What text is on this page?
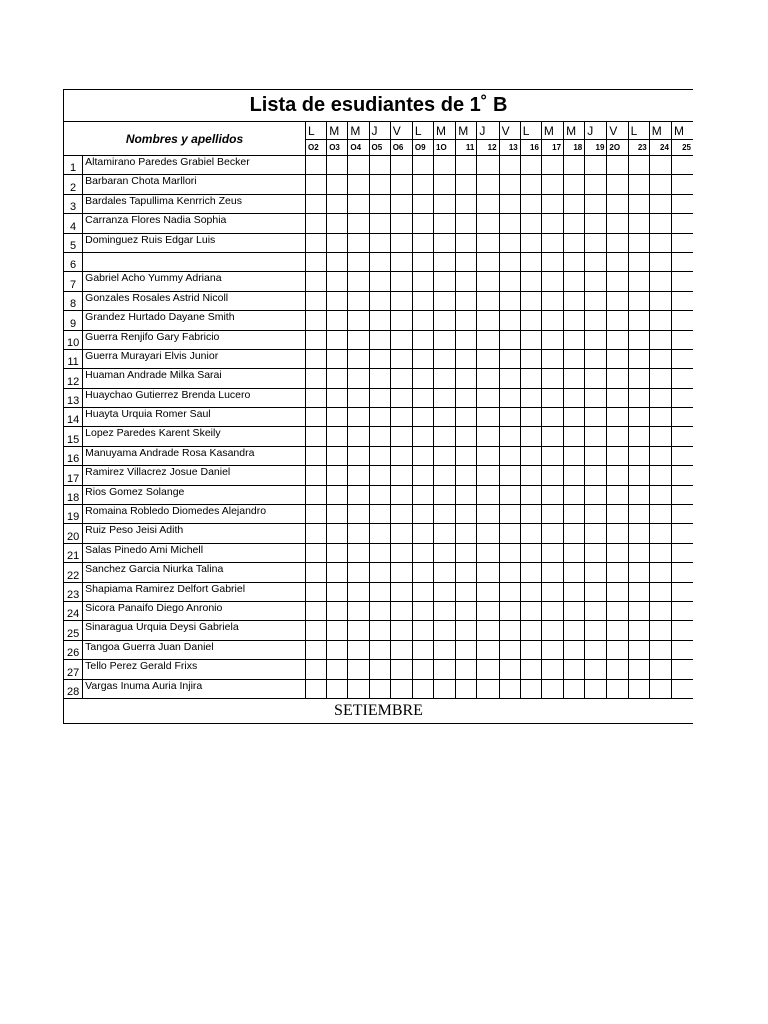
Lista de esudiantes de 1˚ B																			
Nombres y apellidos		L	M	M	J	V	L	M	M	J	V	L	M	M	J	V	L	M	M
		O2	O3	O4	O5	O6	O9	1O	11	12	13	16	17	18	19	2O	23	24	25
1	Altamirano Paredes Grabiel Becker																		
2	Barbaran Chota Marllori																		
3	Bardales Tapullima Kenrrich Zeus																		
4	Carranza Flores Nadia Sophia																		
5	Dominguez Ruis Edgar Luis																		
6																			
7	Gabriel Acho Yummy Adriana																		
8	Gonzales Rosales Astrid Nicoll																		
9	Grandez Hurtado Dayane Smith																		
10	Guerra Renjifo Gary Fabricio																		
11	Guerra Murayari Elvis Junior																		
12	Huaman Andrade Milka Sarai																		
13	Huaychao Gutierrez Brenda Lucero																		
14	Huayta Urquia Romer Saul																		
15	Lopez Paredes Karent Skeily																		
16	Manuyama Andrade Rosa Kasandra																		
17	Ramirez Villacrez Josue Daniel																		
18	Rios Gomez Solange																		
19	Romaina Robledo Diomedes Alejandro																		
20	Ruiz Peso Jeisi Adith																		
21	Salas Pinedo Ami Michell																		
22	Sanchez Garcia Niurka Talina																		
23	Shapiama Ramirez Delfort Gabriel																		
24	Sicora Panaifo Diego Anronio																		
25	Sinaragua Urquia Deysi Gabriela																		
26	Tangoa Guerra Juan Daniel																		
27	Tello Perez Gerald Frixs																		
28	Vargas Inuma Auria Injira																		
SETIEMBRE																			
